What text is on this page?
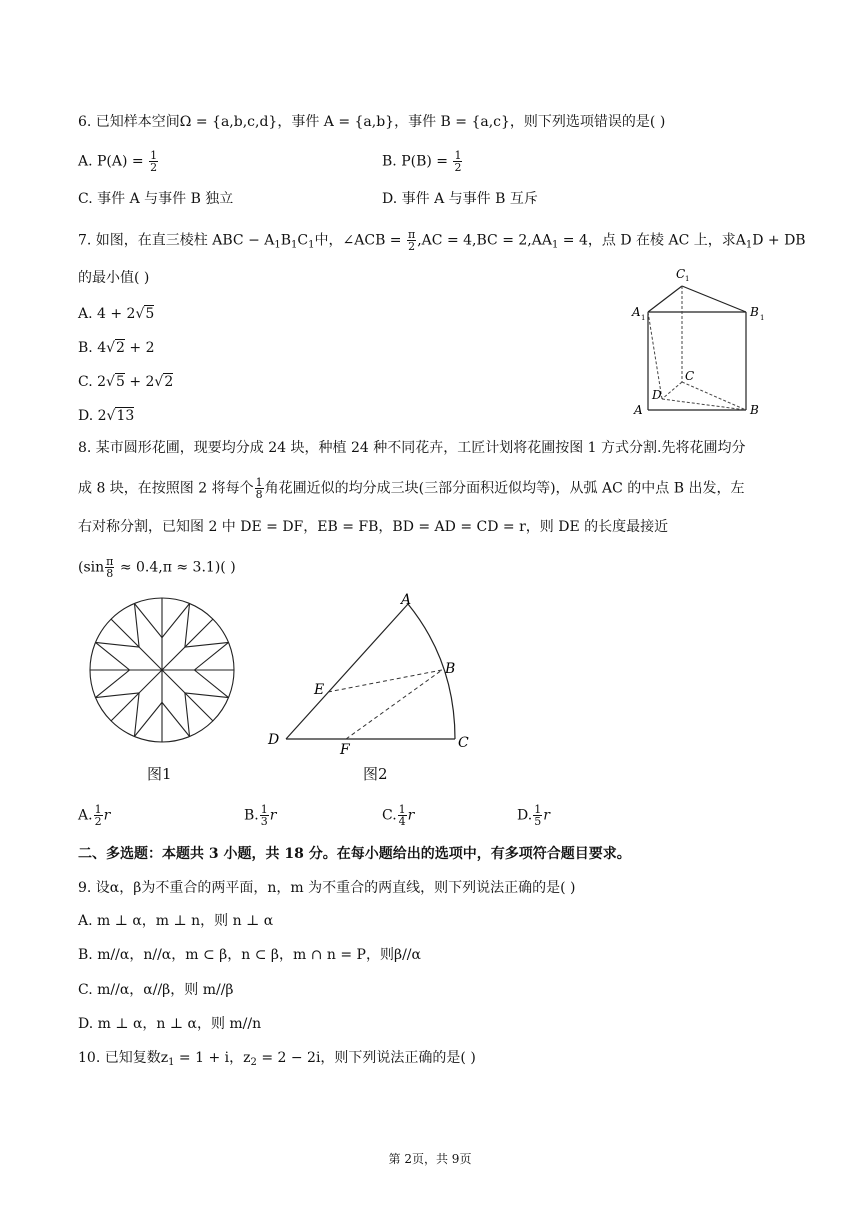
6. 已知样本空间Ω = {a,b,c,d}，事件 A = {a,b}，事件 B = {a,c}，则下列选项错误的是( )
A. $P(A) = \frac{1}{2}$	B. $P(B) = \frac{1}{2}$
C. 事件 A 与事件 B 独立	D. 事件 A 与事件 B 互斥
7. 如图，在直三棱柱 ABC − $A_1B_1C_1$中，∠ACB = $\frac{\pi}{2} ,AC = 4,BC = 2,AA_1 = 4$，点 D 在棱 AC 上，求$A_1D$ + DB
的最小值( )
A. 4 + 2√5
B. 4√2 + 2
C. 2√5 + 2√2
D. 2√13
C 1
A 1	B 1
C
D
A	B
8. 某市圆形花圃，现要均分成 24 块，种植 24 种不同花卉，工匠计划将花圃按图 1 方式分割.先将花圃均分
成 8 块，在按照图 2 将每个 $\frac{1}{8}$ 角花圃近似的均分成三块(三部分面积近似均等)，从弧 AC 的中点 B 出发，左
右对称分割，已知图 2 中 DE = DF，EB = FB，BD = AD = CD = r，则 DE 的长度最接近
$(\sin \frac{\pi}{8} \approx 0.4,\pi \approx 3.1)$( )
图1
A
B
C
D
E
F
图2
A. $\frac{1}{2}$ r	B. $\frac{1}{3}$ r	C. $\frac{1}{4}$ r	D. $\frac{1}{5}$ r
二、多选题：本题共 3 小题，共 18 分。在每小题给出的选项中，有多项符合题目要求。
9. 设α，β为不重合的两平面，n，m 为不重合的两直线，则下列说法正确的是( )
A. m ⊥ α，m ⊥ n，则 n ⊥ α
B. m//α，n//α，m ⊂ β，n ⊂ β，m ∩ n = P，则β//α
C. m//α，α//β，则 m//β
D. m ⊥ α，n ⊥ α，则 m//n
10. 已知复数$z_1 = 1 + i$，$z_2 = 2 - 2i$，则下列说法正确的是( )
第 2页，共 9页
